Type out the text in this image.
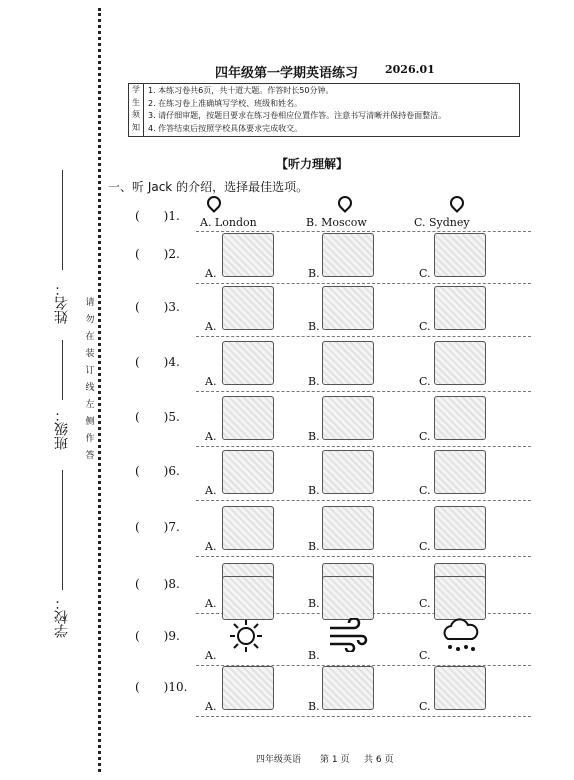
姓名：
班级：
学校：
请
勿
在
装
订
线
左
侧
作
答
四年级第一学期英语练习 2026.01
学
生
须
知
1. 本练习卷共6页，共十道大题。作答时长50分钟。
2. 在练习卷上准确填写学校、班级和姓名。
3. 请仔细审题，按题目要求在练习卷相应位置作答。注意书写清晰并保持卷面整洁。
4. 作答结束后按照学校具体要求完成收交。
【听力理解】
一、听 Jack 的介绍，选择最佳选项。
(　　)1. A. London	B. Moscow	C. Sydney
(　　)2.
A.	B.	C.
(　　)3.
A.	B.	C.
(　　)4.
A.	B.	C.
(　　)5.
A.	B.	C.
(　　)6.
A.	B.	C.
(　　)7.
A.	B.	C.
(　　)8.
A.	B.	C.
(　　)9.
A.	B.	C.
(　　)10.
A.	B.	C.
四年级英语 第 1 页 共 6 页
